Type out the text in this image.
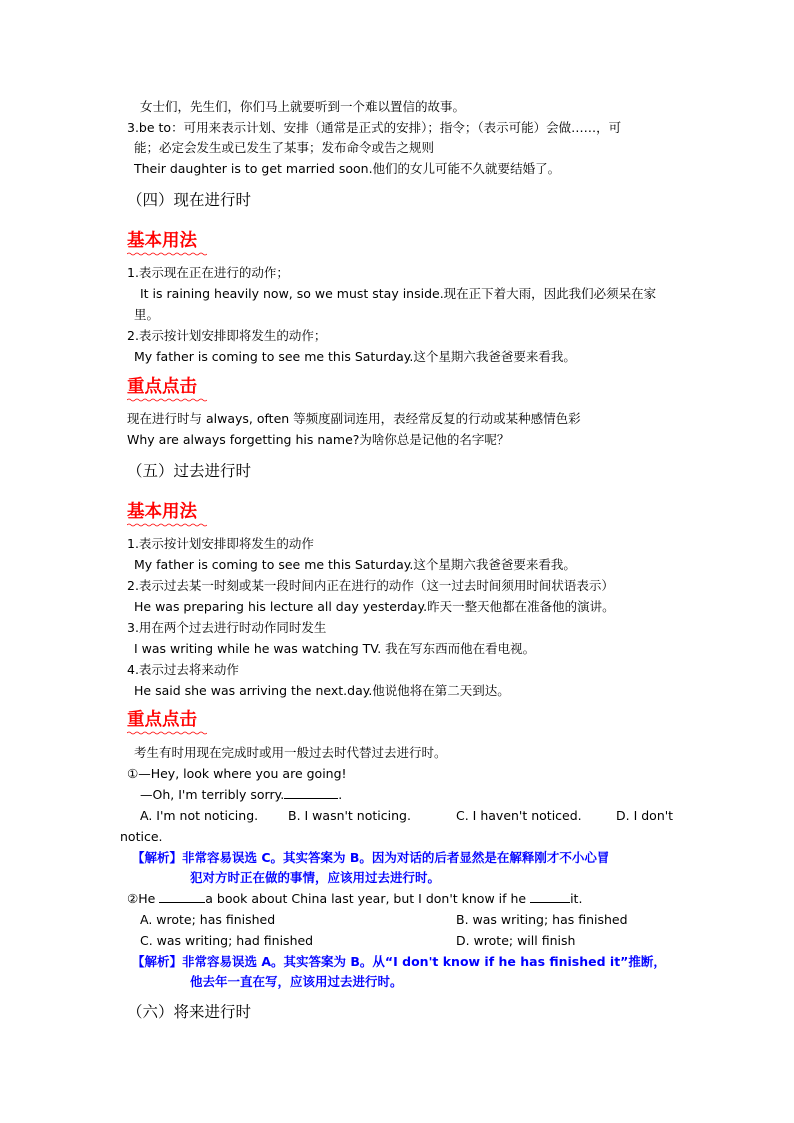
女士们，先生们，你们马上就要听到一个难以置信的故事。
3.be to：可用来表示计划、安排（通常是正式的安排）；指令；（表示可能）会做……，可
能；必定会发生或已发生了某事；发布命令或告之规则
Their daughter is to get married soon.他们的女儿可能不久就要结婚了。
（四）现在进行时
基本用法
1.表示现在正在进行的动作；
It is raining heavily now, so we must stay inside.现在正下着大雨，因此我们必须呆在家
里。
2.表示按计划安排即将发生的动作；
My father is coming to see me this Saturday.这个星期六我爸爸要来看我。
重点点击
现在进行时与 always, often 等频度副词连用，表经常反复的行动或某种感情色彩
Why are always forgetting his name?为啥你总是记他的名字呢？
（五）过去进行时
基本用法
1.表示按计划安排即将发生的动作
My father is coming to see me this Saturday.这个星期六我爸爸要来看我。
2.表示过去某一时刻或某一段时间内正在进行的动作（这一过去时间须用时间状语表示）
He was preparing his lecture all day yesterday.昨天一整天他都在准备他的演讲。
3.用在两个过去进行时动作同时发生
I was writing while he was watching TV. 我在写东西而他在看电视。
4.表示过去将来动作
He said she was arriving the next.day.他说他将在第二天到达。
重点点击
考生有时用现在完成时或用一般过去时代替过去进行时。
①—Hey, look where you are going!
—Oh, I'm terribly sorry.	.
A. I'm not noticing. B. I wasn't noticing.	C. I haven't noticed.	D. I don't
notice.
【解析】非常容易误选 C。其实答案为 B。因为对话的后者显然是在解释刚才不小心冒
犯对方时正在做的事情，应该用过去进行时。
②He	a book about China last year, but I don't know if he	it.
A. wrote; has finished	B. was writing; has finished
C. was writing; had finished	D. wrote; will finish
【解析】非常容易误选 A。其实答案为 B。从“I don't know if he has finished it”推断，
他去年一直在写，应该用过去进行时。
（六）将来进行时
